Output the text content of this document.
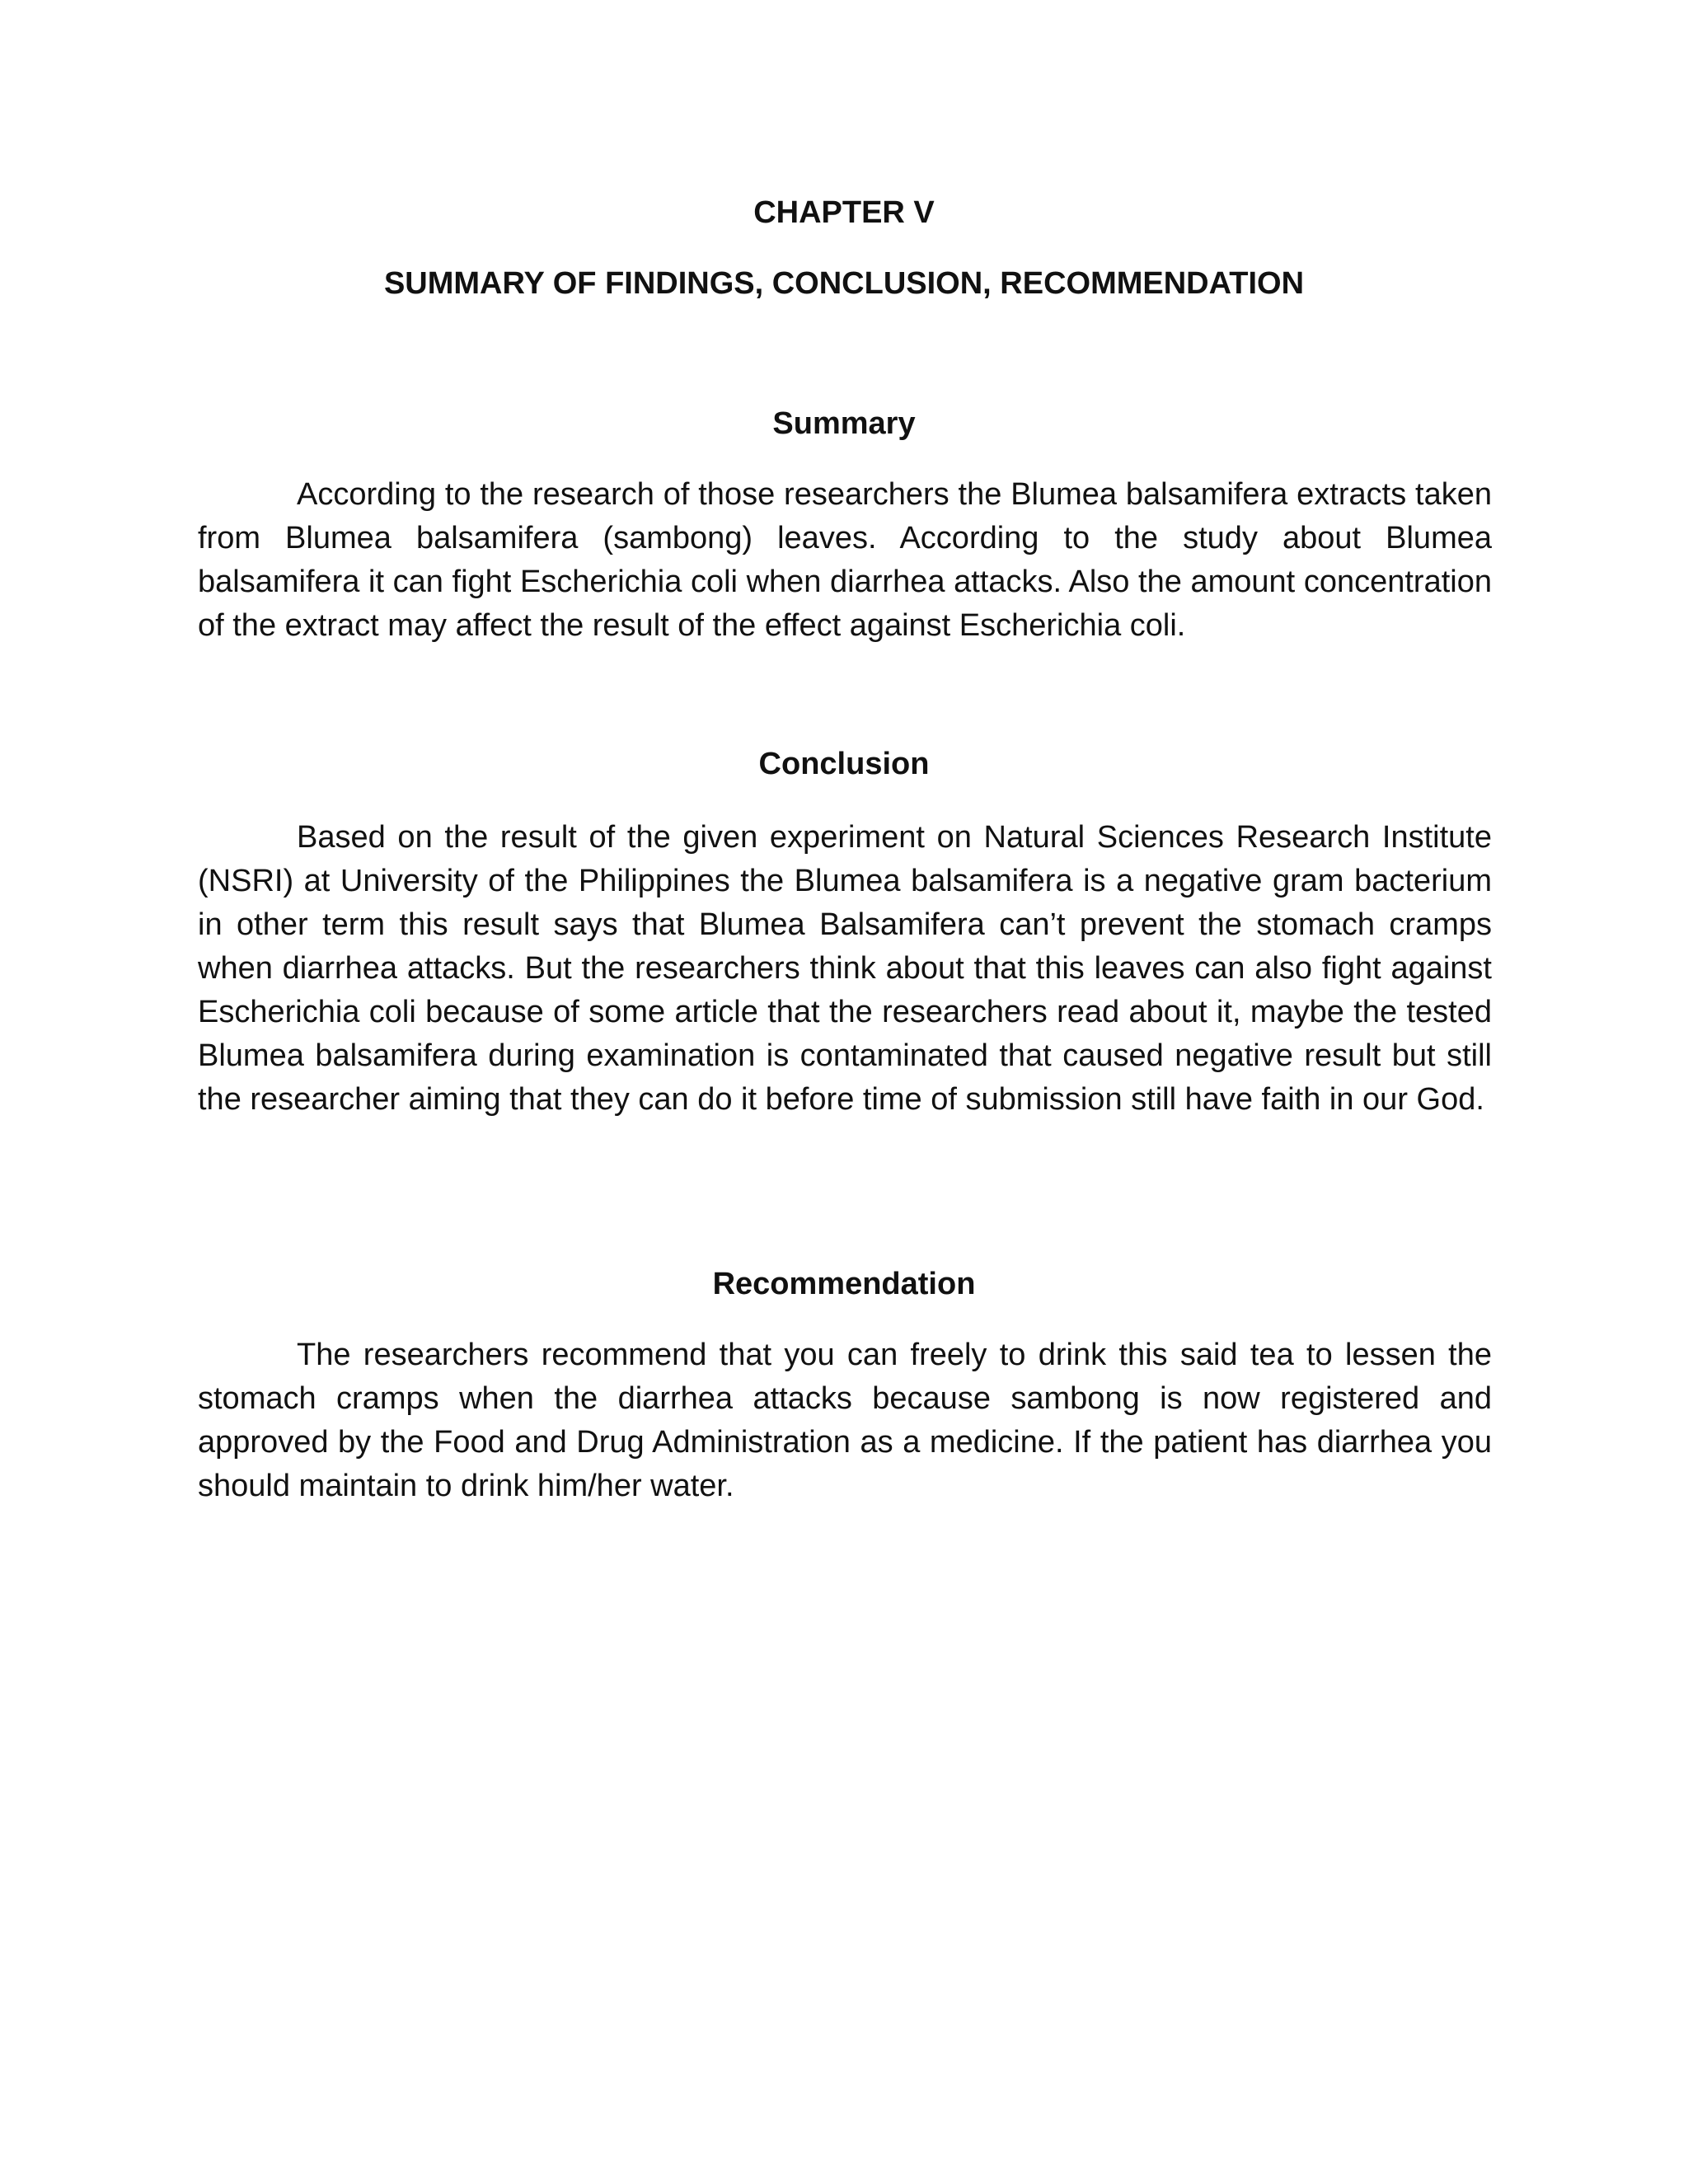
CHAPTER V
SUMMARY OF FINDINGS, CONCLUSION, RECOMMENDATION
Summary

According to the research of those researchers the Blumea balsamifera extracts taken from Blumea balsamifera (sambong) leaves. According to the study about Blumea balsamifera it can fight Escherichia coli when diarrhea attacks. Also the amount concentration of the extract may affect the result of the effect against Escherichia coli.

Conclusion

Based on the result of the given experiment on Natural Sciences Research Institute (NSRI) at University of the Philippines the Blumea balsamifera is a negative gram bacterium in other term this result says that Blumea Balsamifera can’t prevent the stomach cramps when diarrhea attacks. But the researchers think about that this leaves can also fight against Escherichia coli because of some article that the researchers read about it, maybe the tested Blumea balsamifera during examination is contaminated that caused negative result but still the researcher aiming that they can do it before time of submission still have faith in our God.

Recommendation

The researchers recommend that you can freely to drink this said tea to lessen the stomach cramps when the diarrhea attacks because sambong is now registered and approved by the Food and Drug Administration as a medicine. If the patient has diarrhea you should maintain to drink him/her water.
